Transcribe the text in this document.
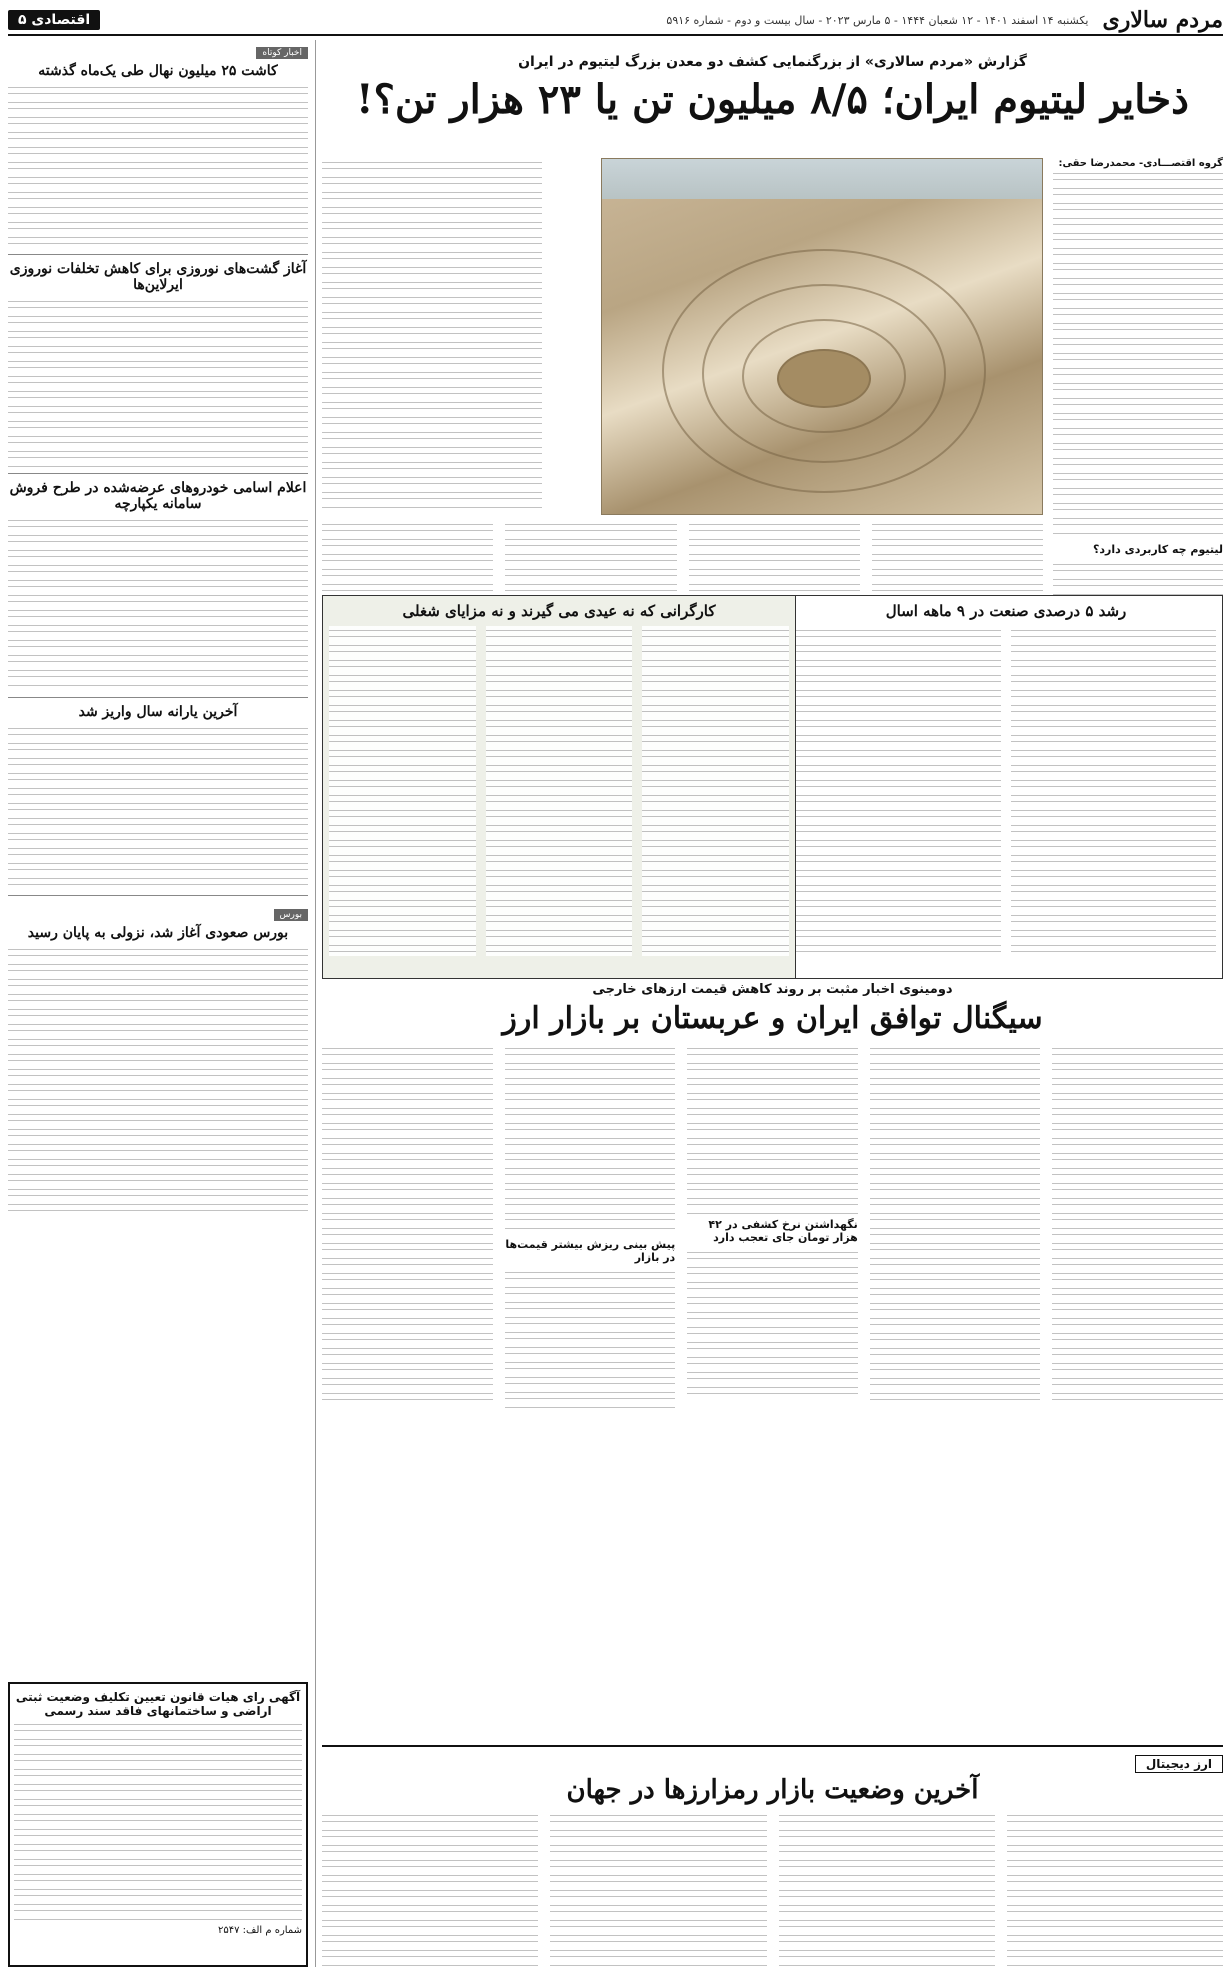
مردم سالاری
یکشنبه ۱۴ اسفند ۱۴۰۱ - ۱۲ شعبان ۱۴۴۴ - ۵ مارس ۲۰۲۳ - سال بیست و دوم - شماره ۵۹۱۶
اقتصادی ۵
گزارش «مردم سالاری» از بزرگنمایی کشف دو معدن بزرگ لیتیوم در ایران
ذخایر لیتیوم ایران؛ ۸/۵ میلیون تن یا ۲۳ هزار تن؟!
گروه اقتصـــادی- محمدرضا حقی:
لیتیوم چه کاربردی دارد؟
رشد ۵ درصدی صنعت در ۹ ماهه اسال
کارگرانی که نه عیدی می گیرند و نه مزایای شغلی
دومینوی اخبار مثبت بر روند کاهش قیمت ارزهای خارجی
سیگنال توافق ایران و عربستان بر بازار ارز
نگهداشتن نرخ کشفی در ۴۲ هزار تومان جای تعجب دارد
پیش بینی ریزش بیشتر قیمت‌ها در بازار
ارز دیجیتال
آخرین وضعیت بازار رمزارزها در جهان
اخبار کوتاه
کاشت ۲۵ میلیون نهال طی یک‌ماه گذشته
آغاز گشت‌های نوروزی برای کاهش تخلفات نوروزی ایرلاین‌ها
اعلام اسامی خودروهای عرضه‌شده در طرح فروش سامانه یکپارچه
آخرین یارانه سال واریز شد
بورس
بورس صعودی آغاز شد، نزولی به پایان رسید
آگهی رای هیات قانون تعیین تکلیف وضعیت ثبتی اراضی و ساختمانهای فاقد سند رسمی
شماره م الف: ۲۵۴۷
